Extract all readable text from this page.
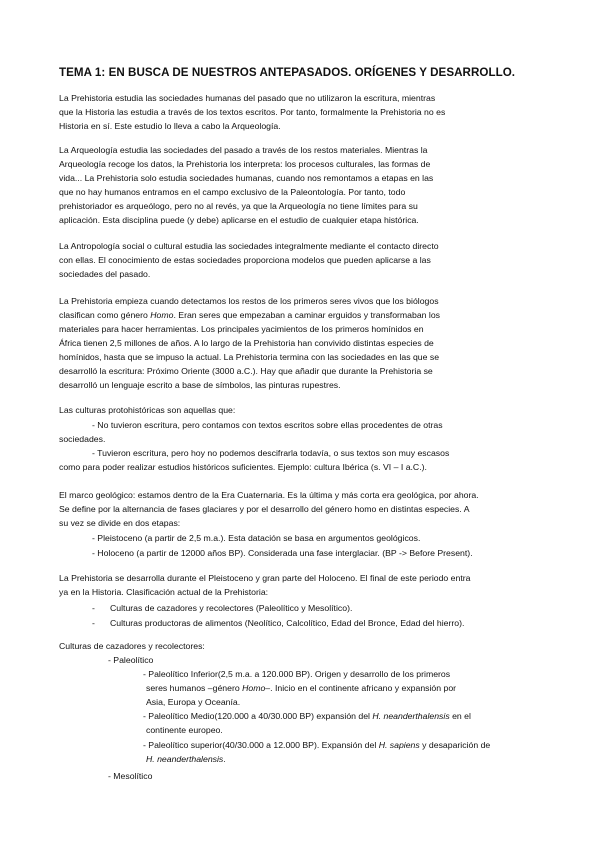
TEMA 1: EN BUSCA DE NUESTROS ANTEPASADOS. ORÍGENES Y DESARROLLO.
La Prehistoria estudia las sociedades humanas del pasado que no utilizaron la escritura, mientras
que la Historia las estudia a través de los textos escritos. Por tanto, formalmente la Prehistoria no es
Historia en sí. Este estudio lo lleva a cabo la Arqueología.
La Arqueología estudia las sociedades del pasado a través de los restos materiales. Mientras la
Arqueología recoge los datos, la Prehistoria los interpreta: los procesos culturales, las formas de
vida... La Prehistoria solo estudia sociedades humanas, cuando nos remontamos a etapas en las
que no hay humanos entramos en el campo exclusivo de la Paleontología. Por tanto, todo
prehistoriador es arqueólogo, pero no al revés, ya que la Arqueología no tiene límites para su
aplicación. Esta disciplina puede (y debe) aplicarse en el estudio de cualquier etapa histórica.
La Antropología social o cultural estudia las sociedades integralmente mediante el contacto directo
con ellas. El conocimiento de estas sociedades proporciona modelos que pueden aplicarse a las
sociedades del pasado.
La Prehistoria empieza cuando detectamos los restos de los primeros seres vivos que los biólogos
clasifican como género Homo. Eran seres que empezaban a caminar erguidos y transformaban los
materiales para hacer herramientas. Los principales yacimientos de los primeros homínidos en
África tienen 2,5 millones de años. A lo largo de la Prehistoria han convivido distintas especies de
homínidos, hasta que se impuso la actual. La Prehistoria termina con las sociedades en las que se
desarrolló la escritura: Próximo Oriente (3000 a.C.). Hay que añadir que durante la Prehistoria se
desarrolló un lenguaje escrito a base de símbolos, las pinturas rupestres.
Las culturas protohistóricas son aquellas que:
- No tuvieron escritura, pero contamos con textos escritos sobre ellas procedentes de otras
sociedades.
- Tuvieron escritura, pero hoy no podemos descifrarla todavía, o sus textos son muy escasos
como para poder realizar estudios históricos suficientes. Ejemplo: cultura Ibérica (s. VI – I a.C.).
El marco geológico: estamos dentro de la Era Cuaternaria. Es la última y más corta era geológica, por ahora.
Se define por la alternancia de fases glaciares y por el desarrollo del género homo en distintas especies. A
su vez se divide en dos etapas:
- Pleistoceno (a partir de 2,5 m.a.). Esta datación se basa en argumentos geológicos.
- Holoceno (a partir de 12000 años BP). Considerada una fase interglaciar. (BP -> Before Present).
La Prehistoria se desarrolla durante el Pleistoceno y gran parte del Holoceno. El final de este periodo entra
ya en la Historia. Clasificación actual de la Prehistoria:
- Culturas de cazadores y recolectores (Paleolítico y Mesolítico).
- Culturas productoras de alimentos (Neolítico, Calcolítico, Edad del Bronce, Edad del hierro).
Culturas de cazadores y recolectores:
- Paleolítico
- Paleolítico Inferior(2,5 m.a. a 120.000 BP). Origen y desarrollo de los primeros
seres humanos –género Homo–. Inicio en el continente africano y expansión por
Asia, Europa y Oceanía.
- Paleolítico Medio(120.000 a 40/30.000 BP) expansión del H. neanderthalensis en el
continente europeo.
- Paleolítico superior(40/30.000 a 12.000 BP). Expansión del H. sapiens y desaparición de
H. neanderthalensis.
- Mesolítico
